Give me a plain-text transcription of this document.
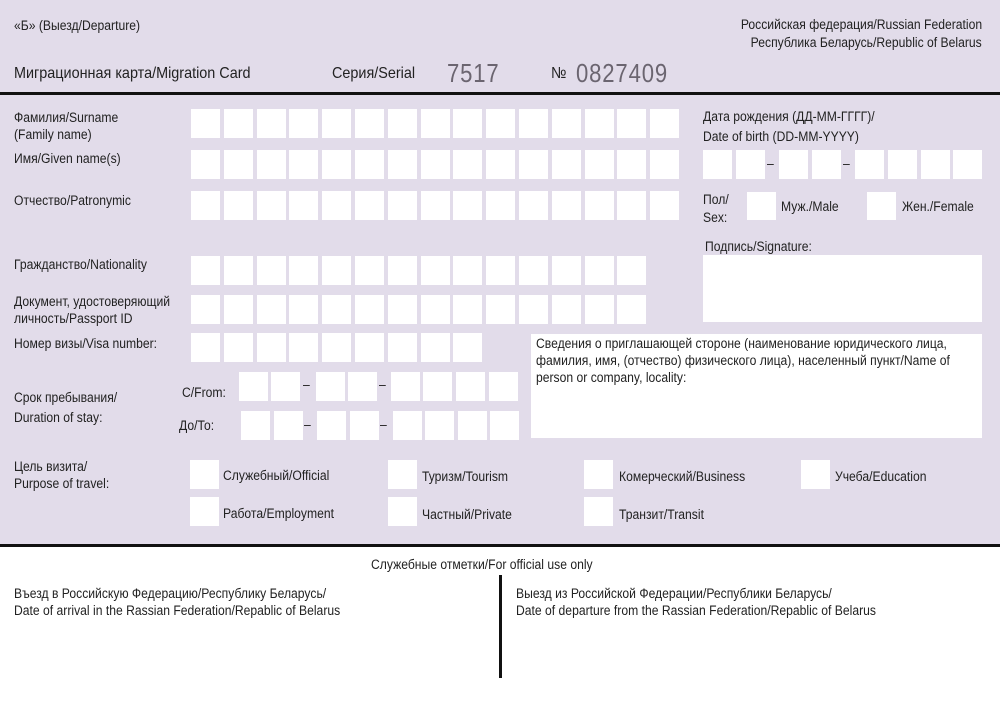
«Б» (Выезд/Departure)	Российская федерация/Russian Federation
Республика Беларусь/Republic of Belarus
Миграционная карта/Migration Card	Серия/Serial 7517	№ 0827409
Фамилия/Surname
(Family name)
Имя/Given name(s)
Отчество/Patronymic
Гражданство/Nationality
Документ, удостоверяющий
личность/Passport ID
Номер визы/Visa number:
Срок пребывания/
Duration of stay:
С/From:
До/То:
–	–
–	–
–	–
Дата рождения (ДД-ММ-ГГГГ)/
Date of birth (DD-MM-YYYY)
Пол/
Sex:
Муж./Male	Жен./Female
Подпись/Signature:
Сведения о приглашающей стороне (наименование юридического лица, фамилия, имя, (отчество) физического лица), населенный пункт/Name of person or company, locality:
Цель визита/
Purpose of travel:
Служебный/Official	Туризм/Tourism	Комерческий/Business	Учеба/Education
Работа/Employment	Частный/Private	Транзит/Transit
Служебные отметки/For official use only
Въезд в Российскую Федерацию/Республику Беларусь/
Date of arrival in the Rassian Federation/Repablic of Belarus
Выезд из Российской Федерации/Республики Беларусь/
Date of departure from the Rassian Federation/Repablic of Belarus
